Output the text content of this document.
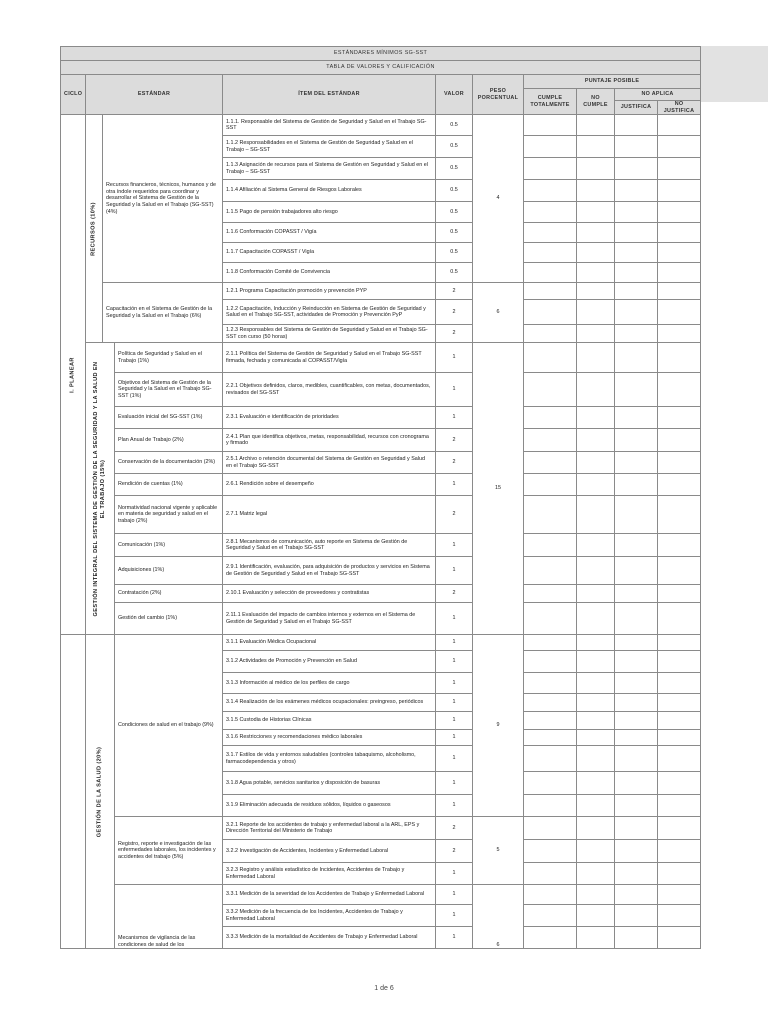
ESTÁNDARES MÍNIMOS SG-SST										
TABLA DE VALORES Y CALIFICACIÓN										
CICLO	ESTÁNDAR			ÍTEM DEL ESTÁNDAR	VALOR	PESO PORCENTUAL	PUNTAJE POSIBLE			
							CUMPLE TOTALMENTE	NO CUMPLE	NO APLICA	
									JUSTIFICA	NO JUSTIFICA

I. PLANEAR	RECURSOS (10%)	Recursos financieros, técnicos, humanos y de otra índole requeridos para coordinar y desarrollar el Sistema de Gestión de la Seguridad y la Salud en el Trabajo (SG-SST) (4%)		1.1.1. Responsable del Sistema de Gestión de Seguridad y Salud en el Trabajo SG-SST	0.5	4				
				1.1.2 Responsabilidades en el Sistema de Gestión de Seguridad y Salud en el Trabajo – SG-SST	0.5					
				1.1.3 Asignación de recursos para el Sistema de Gestión en Seguridad y Salud en el Trabajo – SG-SST	0.5					
				1.1.4 Afiliación al Sistema General de Riesgos Laborales	0.5					
				1.1.5 Pago de pensión trabajadores alto riesgo	0.5					
				1.1.6 Conformación COPASST / Vigía	0.5					
				1.1.7 Capacitación COPASST / Vigía	0.5					
				1.1.8 Conformación Comité de Convivencia	0.5					
		Capacitación en el Sistema de Gestión de la Seguridad y la Salud en el Trabajo (6%)		1.2.1 Programa Capacitación promoción y prevención PYP	2	6				
				1.2.2 Capacitación, Inducción y Reinducción en Sistema de Gestión de Seguridad y Salud en el Trabajo SG-SST, actividades de Promoción y Prevención PyP	2					
				1.2.3 Responsables del Sistema de Gestión de Seguridad y Salud en el Trabajo SG-SST con curso (50 horas)	2					

	GESTIÓN INTEGRAL DEL SISTEMA DE GESTIÓN DE LA SEGURIDAD Y LA SALUD EN EL TRABAJO (15%)		Política de Seguridad y Salud en el Trabajo (1%)	2.1.1 Política del Sistema de Gestión de Seguridad y Salud en el Trabajo SG-SST firmada, fechada y comunicada al COPASST/Vigía	1	15				
			Objetivos del Sistema de Gestión de la Seguridad y la Salud en el Trabajo SG-SST (1%)	2.2.1 Objetivos definidos, claros, medibles, cuantificables, con metas, documentados, revisados del SG-SST	1					
			Evaluación inicial del SG-SST (1%)	2.3.1 Evaluación e identificación de prioridades	1					
			Plan Anual de Trabajo (2%)	2.4.1 Plan que identifica objetivos, metas, responsabilidad, recursos con cronograma y firmado	2					
			Conservación de la documentación (2%)	2.5.1 Archivo o retención documental del Sistema de Gestión en Seguridad y Salud en el Trabajo SG-SST	2					
			Rendición de cuentas (1%)	2.6.1 Rendición sobre el desempeño	1					
			Normatividad nacional vigente y aplicable en materia de seguridad y salud en el trabajo (2%)	2.7.1 Matriz legal	2					
			Comunicación (1%)	2.8.1 Mecanismos de comunicación, auto reporte en Sistema de Gestión de Seguridad y Salud en el Trabajo SG-SST	1					
			Adquisiciones (1%)	2.9.1 Identificación, evaluación, para adquisición de productos y servicios en Sistema de Gestión de Seguridad y Salud en el Trabajo SG-SST	1					
			Contratación (2%)	2.10.1 Evaluación y selección de proveedores y contratistas	2					
			Gestión del cambio (1%)	2.11.1 Evaluación del impacto de cambios internos y externos en el Sistema de Gestión de Seguridad y Salud en el Trabajo SG-SST	1					

	GESTIÓN DE LA SALUD (20%)		Condiciones de salud en el trabajo (9%)	3.1.1 Evaluación Médica Ocupacional	1	9				
				3.1.2 Actividades de Promoción y Prevención en Salud	1					
				3.1.3 Información al médico de los perfiles de cargo	1					
				3.1.4 Realización de los exámenes médicos ocupacionales: preingreso, periódicos	1					
				3.1.5 Custodia de Historias Clínicas	1					
				3.1.6 Restricciones y recomendaciones médico laborales	1					
				3.1.7 Estilos de vida y entornos saludables (controles tabaquismo, alcoholismo, farmacodependencia y otros)	1					
				3.1.8 Agua potable, servicios sanitarios y disposición de basuras	1					
				3.1.9 Eliminación adecuada de residuos sólidos, líquidos o gaseosos	1					
			Registro, reporte e investigación de las enfermedades laborales, los incidentes y accidentes del trabajo (5%)	3.2.1 Reporte de los accidentes de trabajo y enfermedad laboral a la ARL, EPS y Dirección Territorial del Ministerio de Trabajo	2	5				
				3.2.2 Investigación de Accidentes, Incidentes y Enfermedad Laboral	2					
				3.2.3 Registro y análisis estadístico de Incidentes, Accidentes de Trabajo y Enfermedad Laboral	1					
			Mecanismos de vigilancia de las condiciones de salud de los	3.3.1 Medición de la severidad de los Accidentes de Trabajo y Enfermedad Laboral	1	6				
				3.3.2 Medición de la frecuencia de los Incidentes, Accidentes de Trabajo y Enfermedad Laboral	1					
				3.3.3 Medición de la mortalidad de Accidentes de Trabajo y Enfermedad Laboral	1					
1 de 6
